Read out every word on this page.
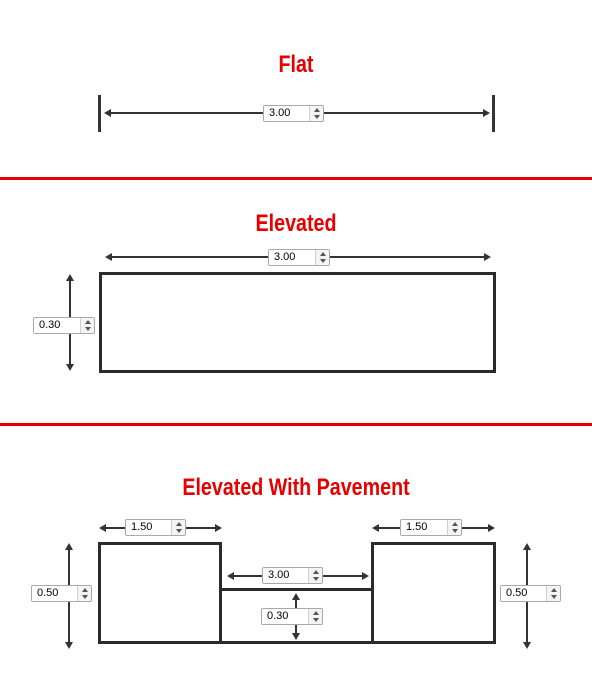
Flat
3.00
Elevated
3.00
0.30
Elevated With Pavement
1.50
1.50
3.00
0.30
0.50
0.50
